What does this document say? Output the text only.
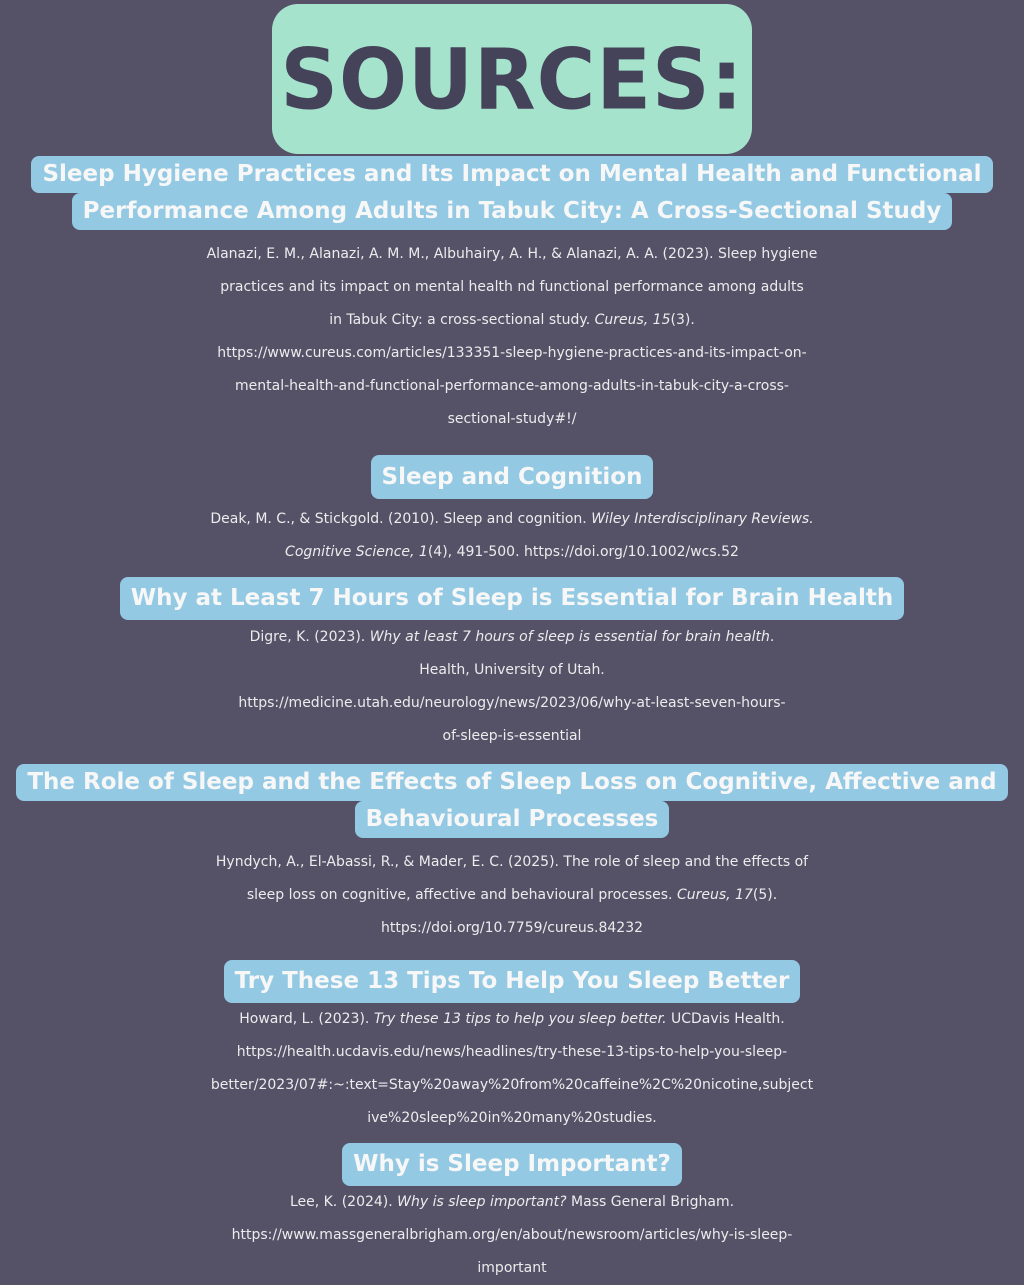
SOURCES:
Sleep Hygiene Practices and Its Impact on Mental Health and Functional
Performance Among Adults in Tabuk City: A Cross-Sectional Study
Alanazi, E. M., Alanazi, A. M. M., Albuhairy, A. H., & Alanazi, A. A. (2023). Sleep hygiene
practices and its impact on mental health nd functional performance among adults
in Tabuk City: a cross-sectional study. Cureus, 15(3).
https://www.cureus.com/articles/133351-sleep-hygiene-practices-and-its-impact-on-
mental-health-and-functional-performance-among-adults-in-tabuk-city-a-cross-
sectional-study#!/
Sleep and Cognition
Deak, M. C., & Stickgold. (2010). Sleep and cognition. Wiley Interdisciplinary Reviews.
Cognitive Science, 1(4), 491-500. https://doi.org/10.1002/wcs.52
Why at Least 7 Hours of Sleep is Essential for Brain Health
Digre, K. (2023). Why at least 7 hours of sleep is essential for brain health.
Health, University of Utah.
https://medicine.utah.edu/neurology/news/2023/06/why-at-least-seven-hours-
of-sleep-is-essential
The Role of Sleep and the Effects of Sleep Loss on Cognitive, Affective and
Behavioural Processes
Hyndych, A., El-Abassi, R., & Mader, E. C. (2025). The role of sleep and the effects of
sleep loss on cognitive, affective and behavioural processes. Cureus, 17(5).
https://doi.org/10.7759/cureus.84232
Try These 13 Tips To Help You Sleep Better
Howard, L. (2023). Try these 13 tips to help you sleep better. UCDavis Health.
https://health.ucdavis.edu/news/headlines/try-these-13-tips-to-help-you-sleep-
better/2023/07#:~:text=Stay%20away%20from%20caffeine%2C%20nicotine,subject
ive%20sleep%20in%20many%20studies.
Why is Sleep Important?
Lee, K. (2024). Why is sleep important? Mass General Brigham.
https://www.massgeneralbrigham.org/en/about/newsroom/articles/why-is-sleep-
important
